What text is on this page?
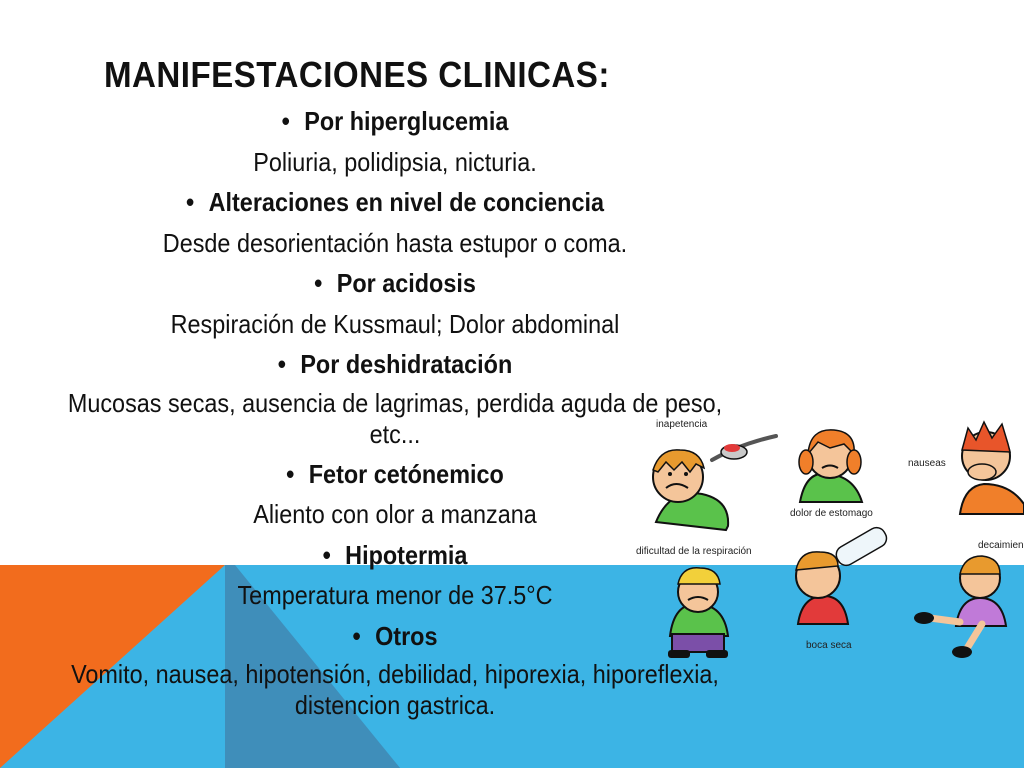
MANIFESTACIONES CLINICAS:

• Por hiperglucemia

Poliuria, polidipsia, nicturia.

• Alteraciones en nivel de conciencia

Desde desorientación hasta estupor o coma.

• Por acidosis

Respiración de Kussmaul; Dolor abdominal

• Por deshidratación

Mucosas secas, ausencia de lagrimas, perdida aguda de peso, etc...

• Fetor cetónemico

Aliento con olor a manzana

• Hipotermia

Temperatura menor de 37.5°C

• Otros

Vomito, nausea, hipotensión, debilidad, hiporexia, hiporeflexia, distencion gastrica.

inapetencia
dolor de estomago
nauseas
decaimien
dificultad de la respiración
boca seca
